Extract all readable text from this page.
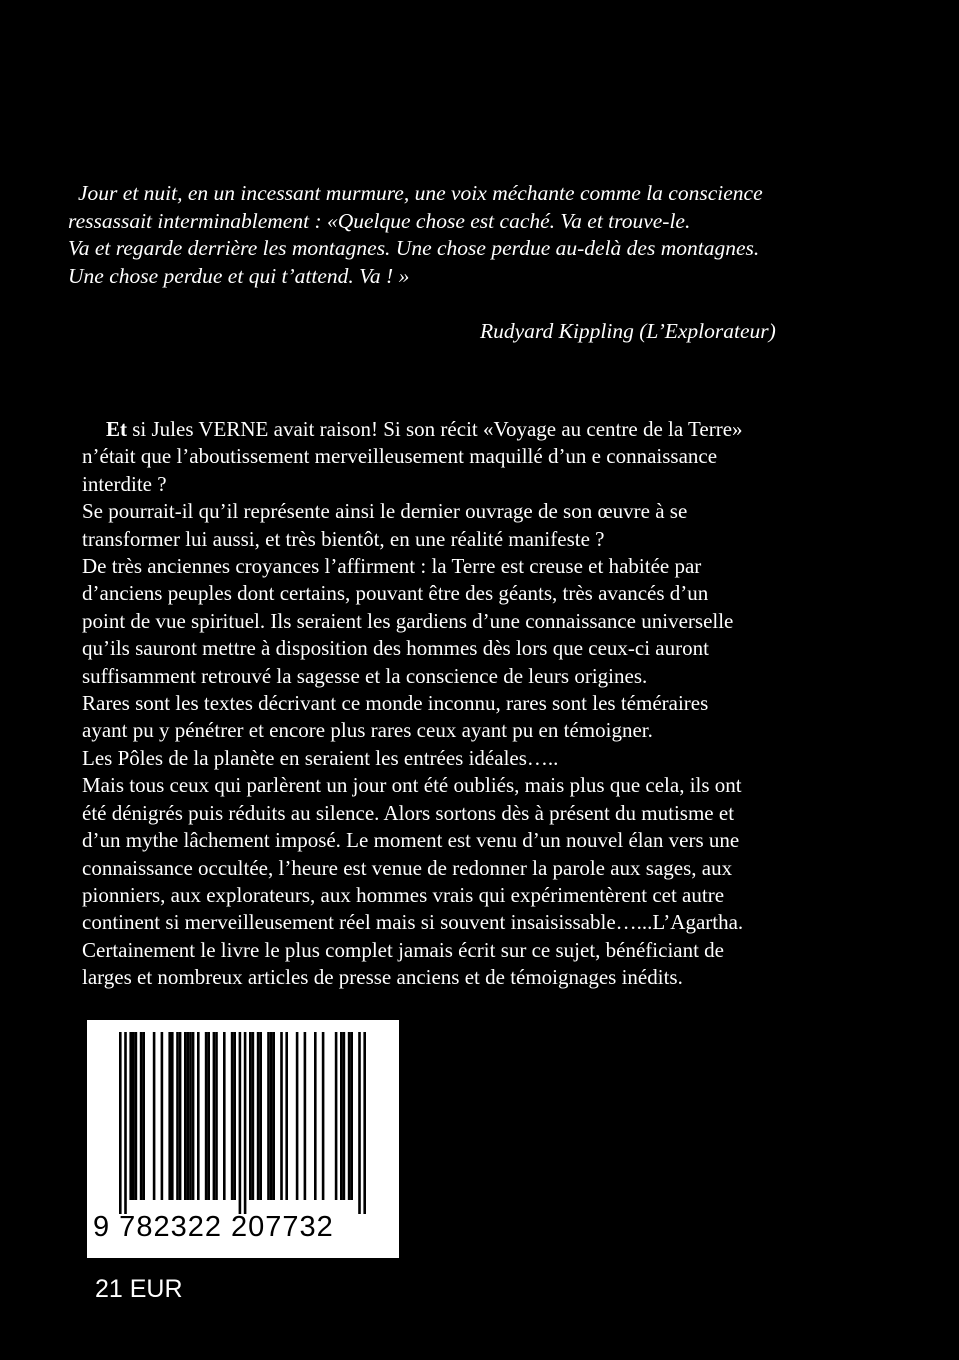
Jour et nuit, en un incessant murmure, une voix méchante comme la conscience

ressassait interminablement : «Quelque chose est caché. Va et trouve-le.

Va et regarde derrière les montagnes. Une chose perdue au-delà des montagnes.

Une chose perdue et qui t’attend. Va ! »

Rudyard Kippling (L’Explorateur)
Et si Jules VERNE avait raison! Si son récit «Voyage au centre de la Terre»
n’était que l’aboutissement merveilleusement maquillé d’un e connaissance
interdite ?
Se pourrait-il qu’il représente ainsi le dernier ouvrage de son œuvre à se
transformer lui aussi, et très bientôt, en une réalité manifeste ?
De très anciennes croyances l’affirment : la Terre est creuse et habitée par
d’anciens peuples dont certains, pouvant être des géants, très avancés d’un
point de vue spirituel. Ils seraient les gardiens d’une connaissance universelle
qu’ils sauront mettre à disposition des hommes dès lors que ceux-ci auront
suffisamment retrouvé la sagesse et la conscience de leurs origines.
Rares sont les textes décrivant ce monde inconnu, rares sont les téméraires
ayant pu y pénétrer et encore plus rares ceux ayant pu en témoigner.
Les Pôles de la planète en seraient les entrées idéales…..
Mais tous ceux qui parlèrent un jour ont été oubliés, mais plus que cela, ils ont
été dénigrés puis réduits au silence. Alors sortons dès à présent du mutisme et
d’un mythe lâchement imposé. Le moment est venu d’un nouvel élan vers une
connaissance occultée, l’heure est venue de redonner la parole aux sages, aux
pionniers, aux explorateurs, aux hommes vrais qui expérimentèrent cet autre
continent si merveilleusement réel mais si souvent insaisissable…...L’Agartha.
Certainement le livre le plus complet jamais écrit sur ce sujet, bénéficiant de
larges et nombreux articles de presse anciens et de témoignages inédits.
9 782322 207732
21 EUR
